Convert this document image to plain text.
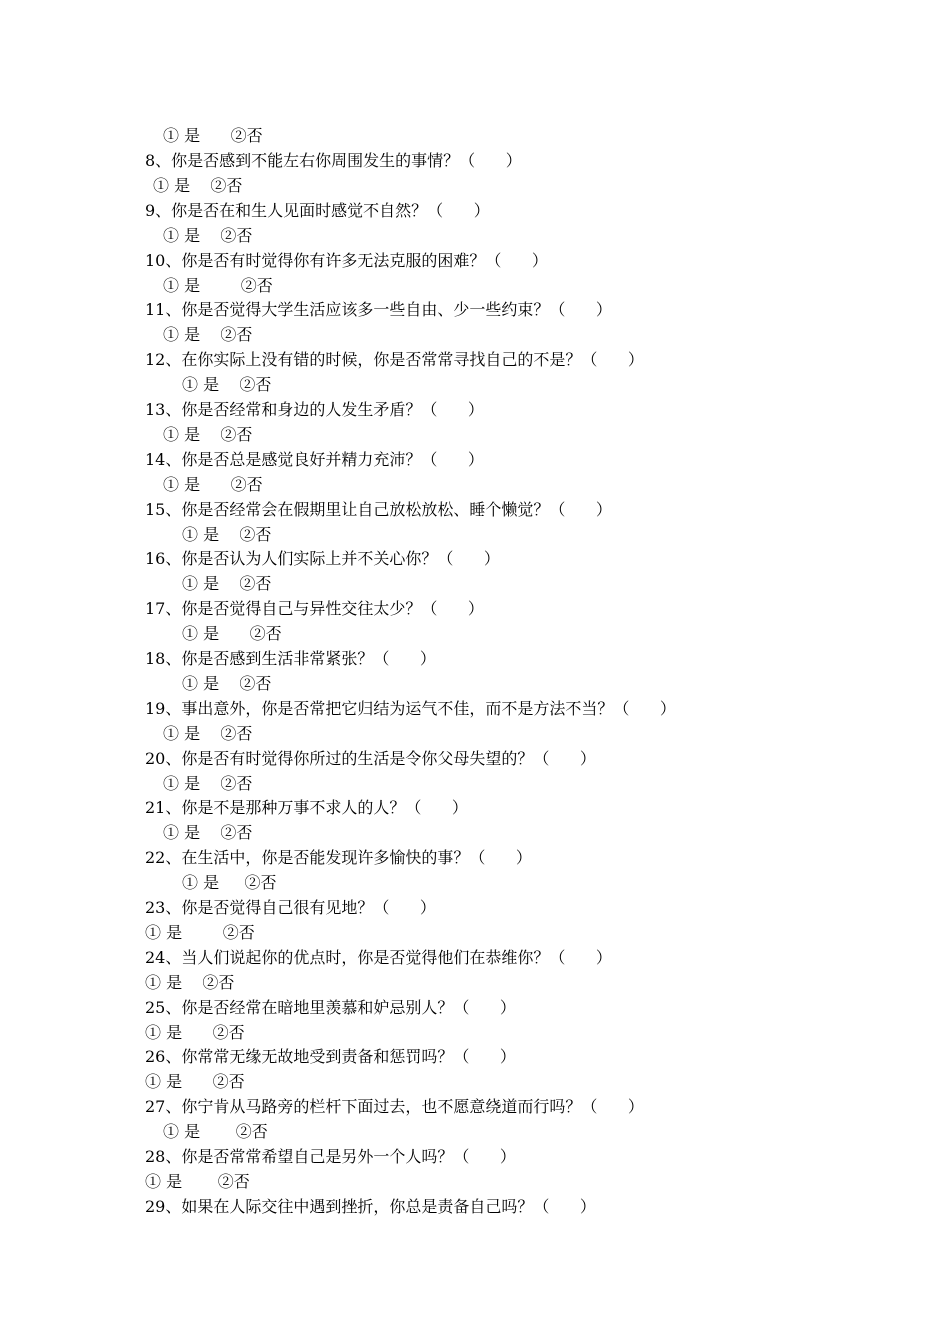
① 是      ②否
8、你是否感到不能左右你周围发生的事情？（      ）
① 是    ②否
9、你是否在和生人见面时感觉不自然？（      ）
① 是    ②否
10、你是否有时觉得你有许多无法克服的困难？（      ）
① 是        ②否
11、你是否觉得大学生活应该多一些自由、少一些约束？（      ）
① 是    ②否
12、在你实际上没有错的时候，你是否常常寻找自己的不是？（      ）
① 是    ②否
13、你是否经常和身边的人发生矛盾？（      ）
① 是    ②否
14、你是否总是感觉良好并精力充沛？（      ）
① 是      ②否
15、你是否经常会在假期里让自己放松放松、睡个懒觉？（      ）
① 是    ②否
16、你是否认为人们实际上并不关心你？（      ）
① 是    ②否
17、你是否觉得自己与异性交往太少？（      ）
① 是      ②否
18、你是否感到生活非常紧张？（      ）
① 是    ②否
19、事出意外，你是否常把它归结为运气不佳，而不是方法不当？（      ）
① 是    ②否
20、你是否有时觉得你所过的生活是令你父母失望的？（      ）
① 是    ②否
21、你是不是那种万事不求人的人？（      ）
① 是    ②否
22、在生活中，你是否能发现许多愉快的事？（      ）
① 是     ②否
23、你是否觉得自己很有见地？（      ）
① 是        ②否
24、当人们说起你的优点时，你是否觉得他们在恭维你？（      ）
① 是    ②否
25、你是否经常在暗地里羡慕和妒忌别人？（      ）
① 是      ②否
26、你常常无缘无故地受到责备和惩罚吗？（      ）
① 是      ②否
27、你宁肯从马路旁的栏杆下面过去，也不愿意绕道而行吗？（      ）
① 是       ②否
28、你是否常常希望自己是另外一个人吗？（      ）
① 是       ②否
29、如果在人际交往中遇到挫折，你总是责备自己吗？（      ）
